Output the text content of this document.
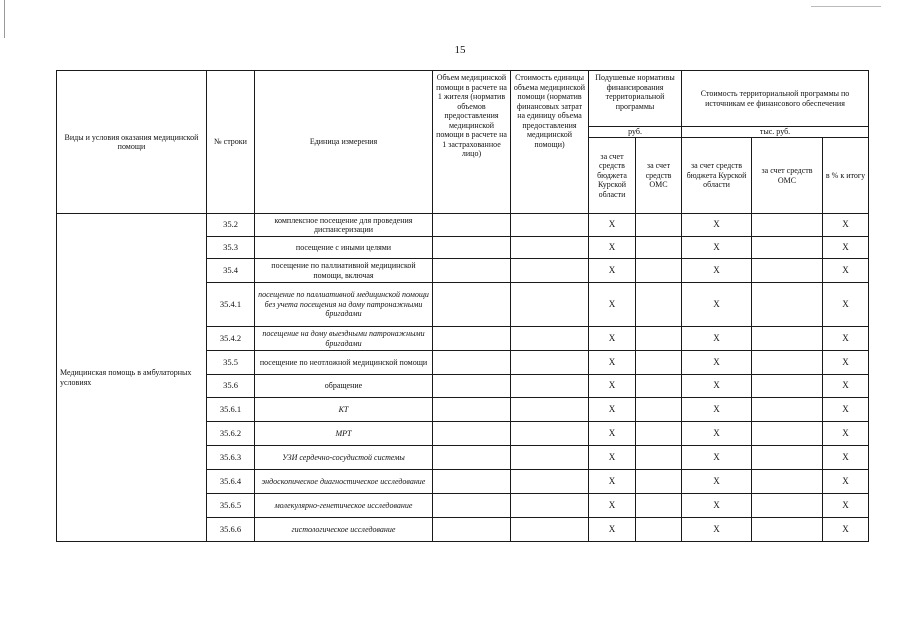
15
Виды и условия оказания медицинской помощи	№ строки	Единица измерения	Объем медицинской помощи в расчете на 1 жителя (норматив объемов предоставления медицинской помощи в расчете на 1 застрахованное лицо)	Стоимость единицы объема медицинской помощи (норматив финансовых затрат на единицу объема предоставления медицинской помощи)	Подушевые нормативы финансирования территориальной программы		Стоимость территориальной программы по источникам ее финансового обеспечения		
					руб.		тыс. руб.		
					за счет средств бюджета Курской области	за счет средств ОМС	за счет средств бюджета Курской области	за счет средств ОМС	в % к итогу
Медицинская помощь в амбулаторных условиях	35.2	комплексное посещение для проведения диспансеризации			X		X		X
	35.3	посещение с иными целями			X		X		X
	35.4	посещение по паллиативной медицинской помощи, включая			X		X		X
	35.4.1	посещение по паллиативной медицинской помощи без учета посещения на дому патронажными бригадами			X		X		X
	35.4.2	посещение на дому выездными патронажными бригадами			X		X		X
	35.5	посещение по неотложной медицинской помощи			X		X		X
	35.6	обращение			X		X		X
	35.6.1	КТ			X		X		X
	35.6.2	МРТ			X		X		X
	35.6.3	УЗИ сердечно-сосудистой системы			X		X		X
	35.6.4	эндоскопическое диагностическое исследование			X		X		X
	35.6.5	молекулярно-генетическое исследование			X		X		X
	35.6.6	гистологическое исследование			X		X		X
